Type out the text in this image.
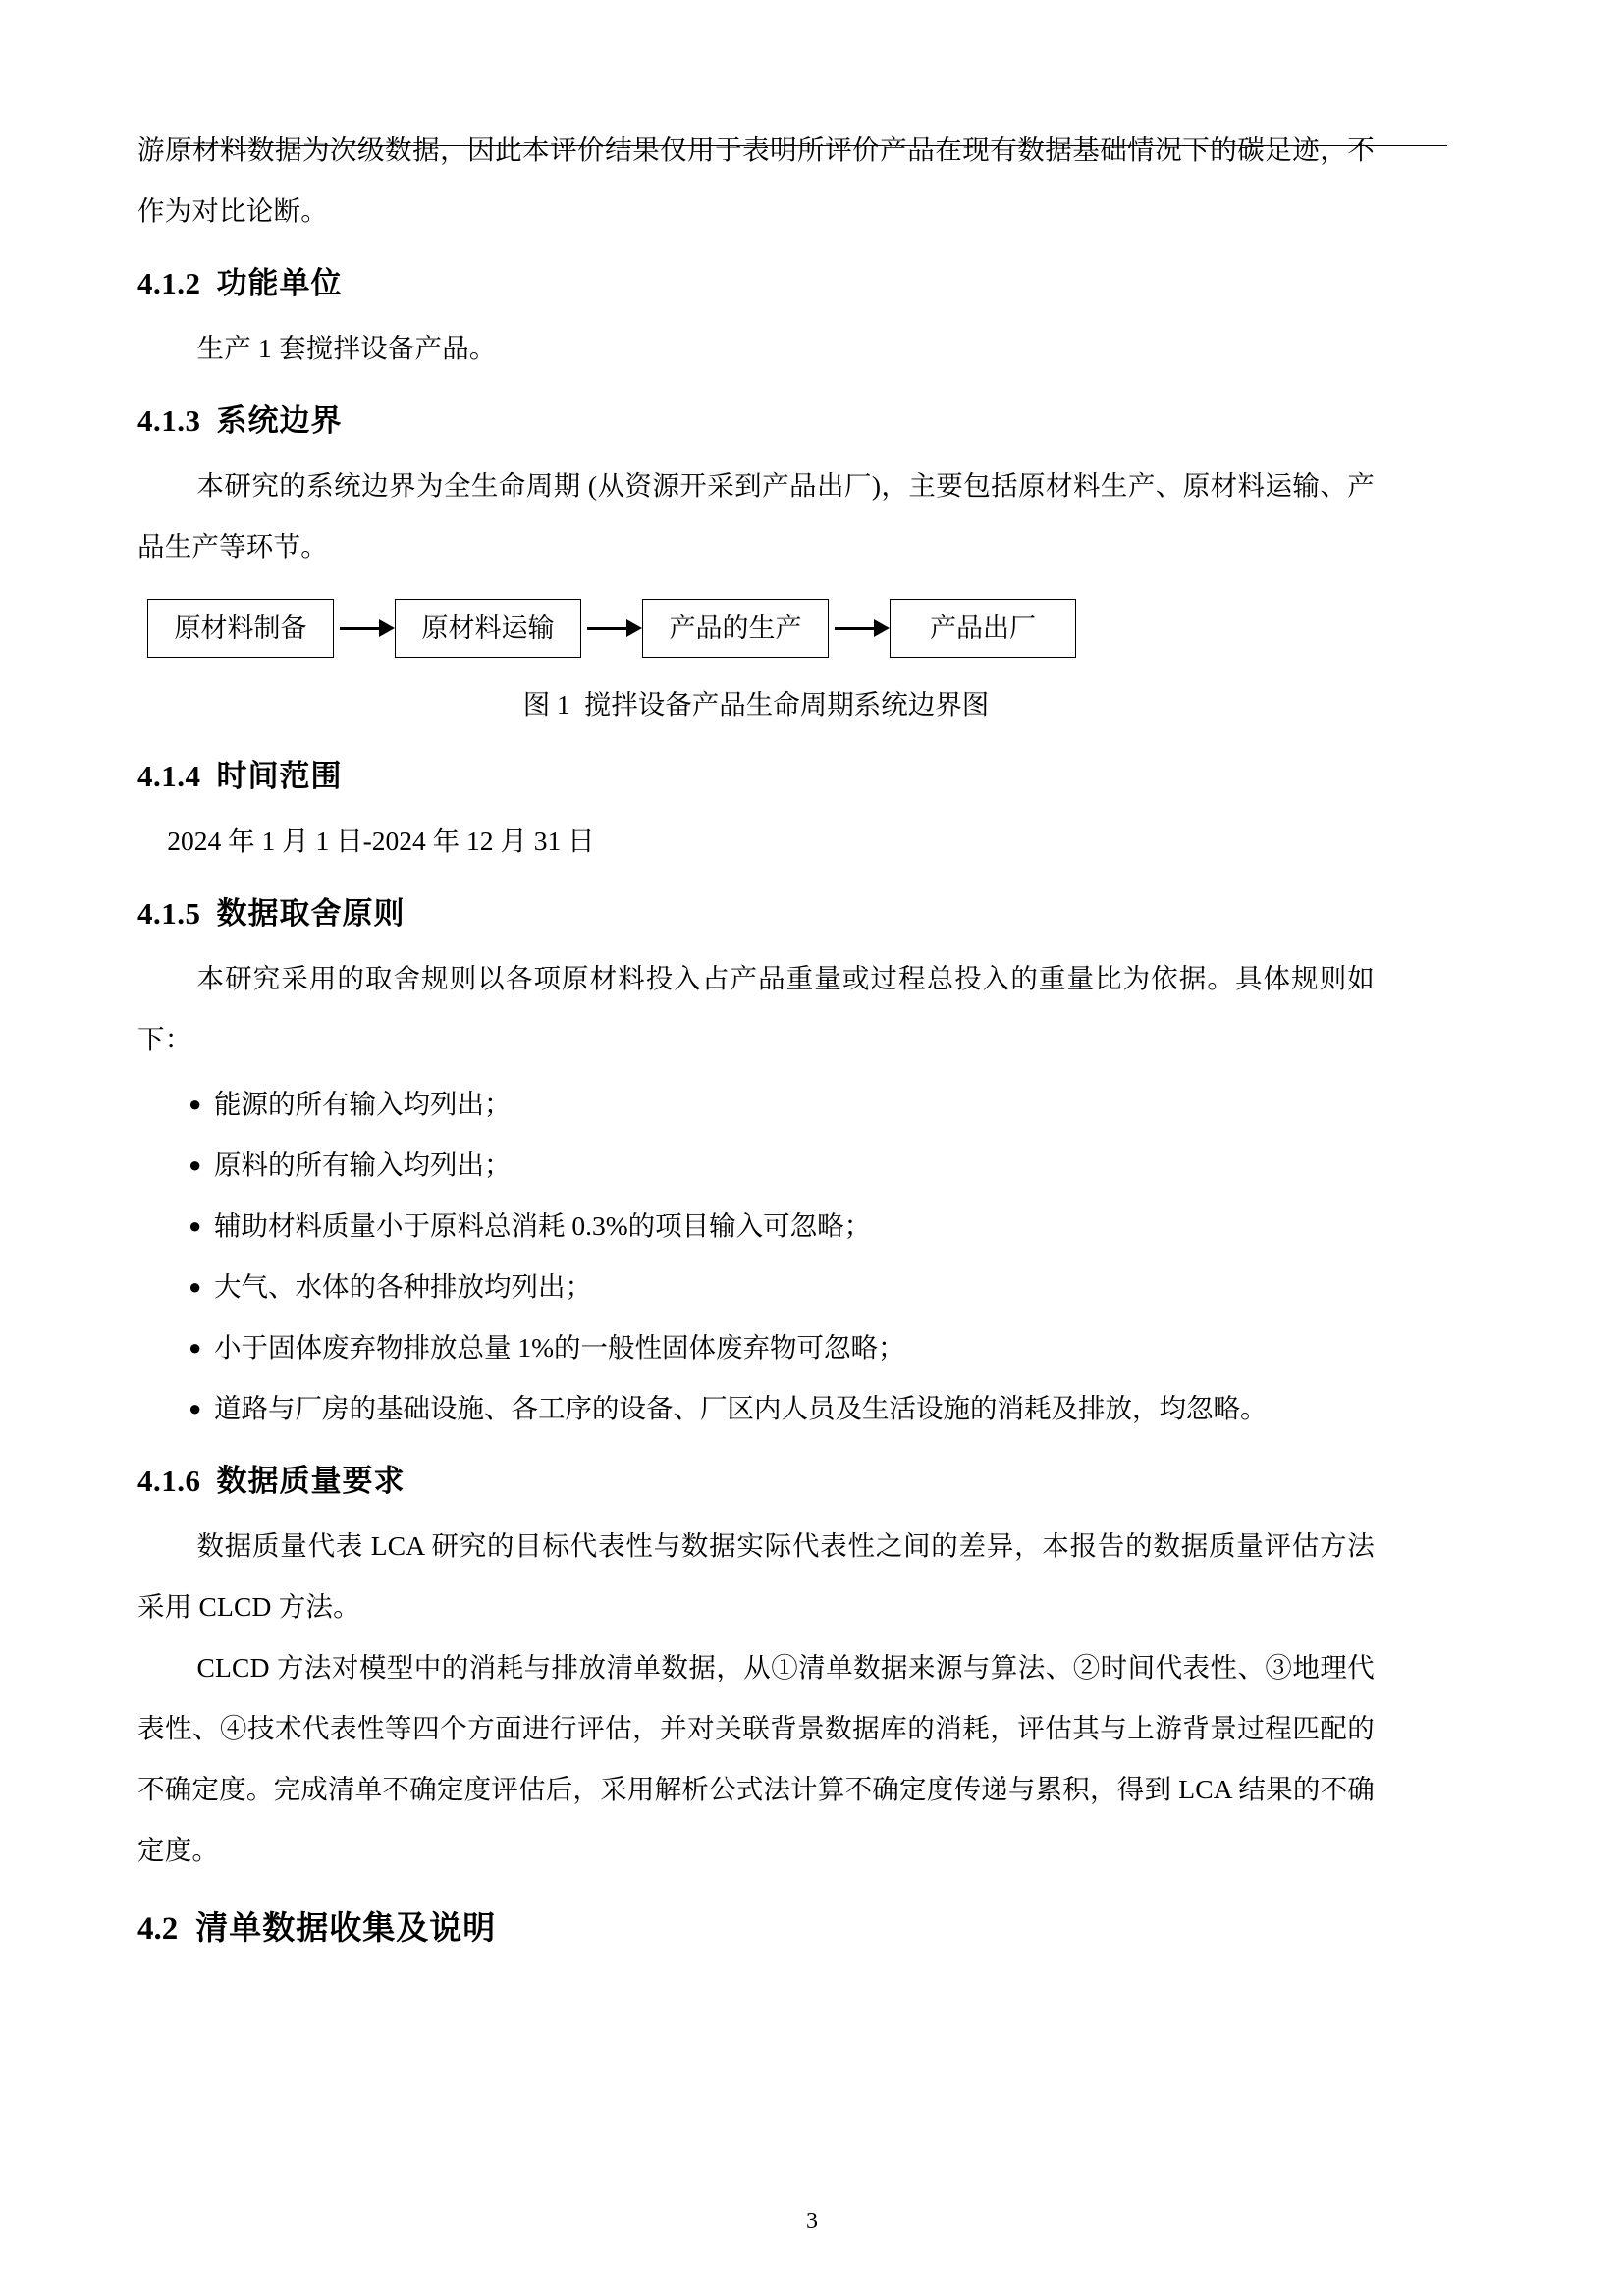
游原材料数据为次级数据，因此本评价结果仅用于表明所评价产品在现有数据基础情况下的碳足迹，不作为对比论断。

4.1.2 功能单位

生产 1 套搅拌设备产品。

4.1.3 系统边界

本研究的系统边界为全生命周期 (从资源开采到产品出厂)，主要包括原材料生产、原材料运输、产品生产等环节。

原材料制备	原材料运输	产品的生产	产品出厂
图 1 搅拌设备产品生命周期系统边界图
4.1.4 时间范围
2024 年 1 月 1 日-2024 年 12 月 31 日
4.1.5 数据取舍原则

本研究采用的取舍规则以各项原材料投入占产品重量或过程总投入的重量比为依据。具体规则如下：

● 能源的所有输入均列出；
● 原料的所有输入均列出；
● 辅助材料质量小于原料总消耗 0.3%的项目输入可忽略；
● 大气、水体的各种排放均列出；
● 小于固体废弃物排放总量 1%的一般性固体废弃物可忽略；
● 道路与厂房的基础设施、各工序的设备、厂区内人员及生活设施的消耗及排放，均忽略。
4.1.6 数据质量要求

数据质量代表 LCA 研究的目标代表性与数据实际代表性之间的差异，本报告的数据质量评估方法采用 CLCD 方法。

CLCD 方法对模型中的消耗与排放清单数据，从①清单数据来源与算法、②时间代表性、③地理代表性、④技术代表性等四个方面进行评估，并对关联背景数据库的消耗，评估其与上游背景过程匹配的不确定度。完成清单不确定度评估后，采用解析公式法计算不确定度传递与累积，得到 LCA 结果的不确定度。

4.2 清单数据收集及说明
3
